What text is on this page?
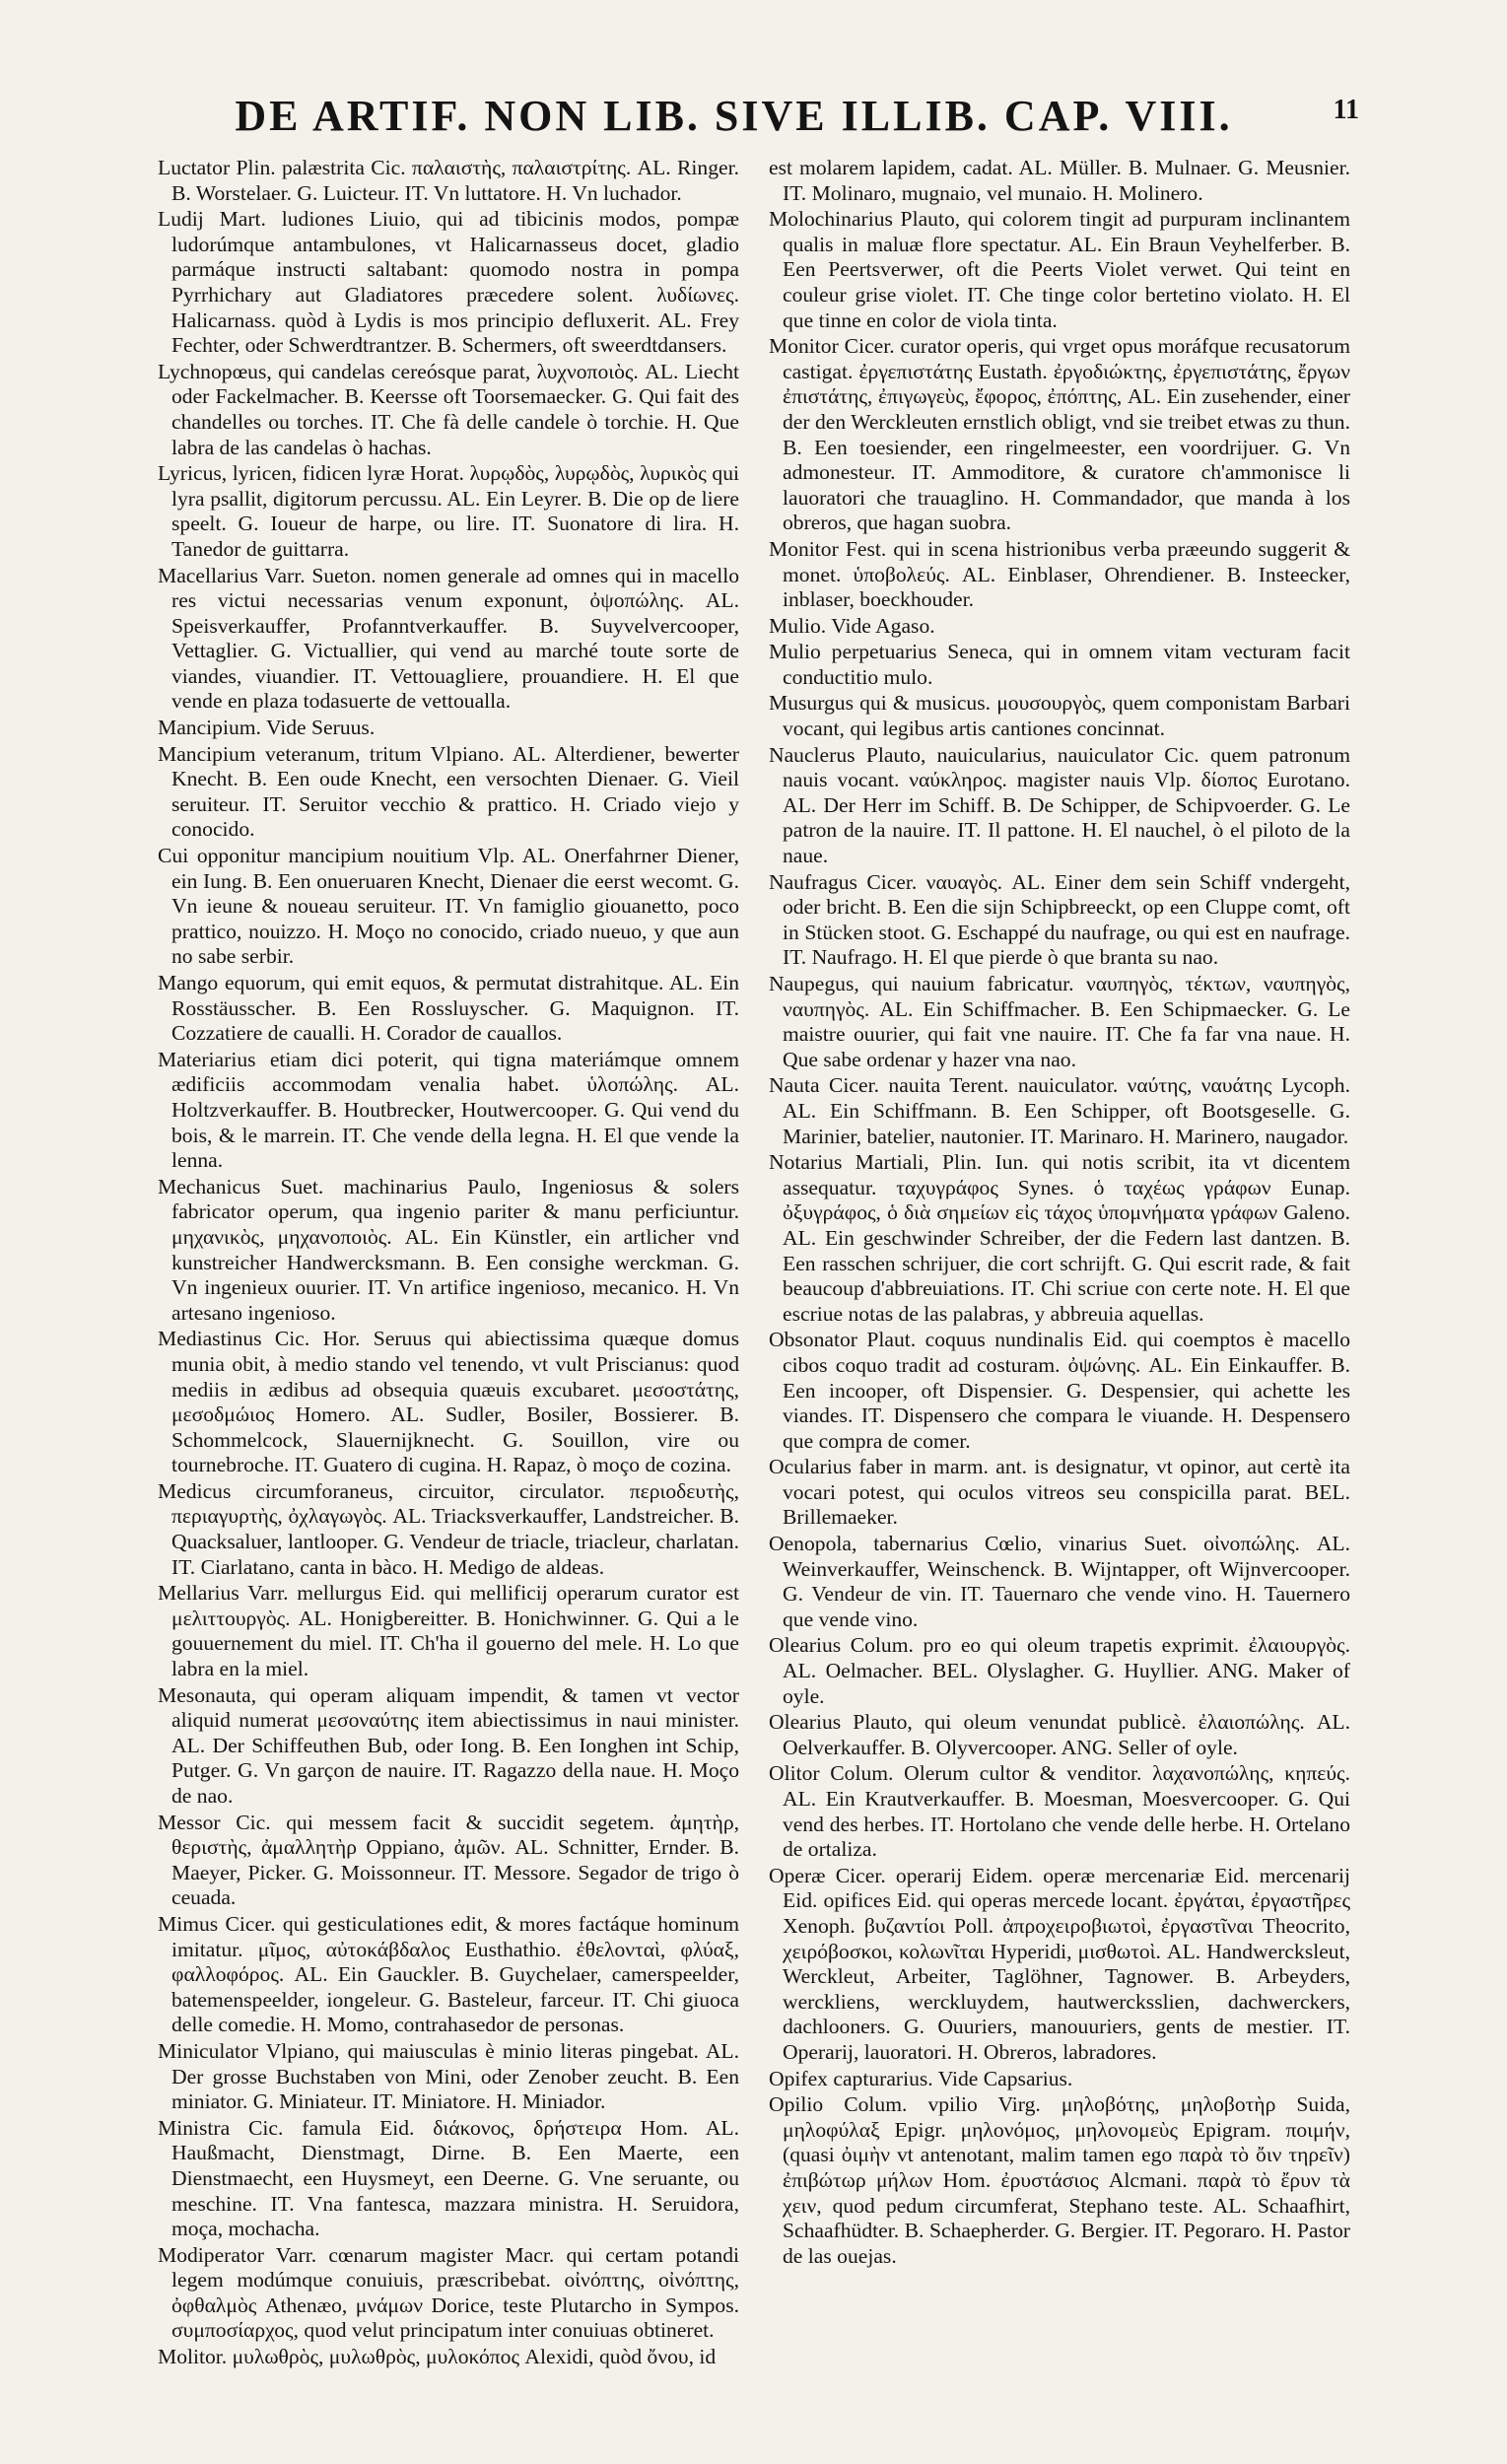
DE ARTIF. NON LIB. SIVE ILLIB. CAP. VIII.	11

Luctator Plin. palæstrita Cic. παλαιστὴς, παλαιστρίτης. AL. Ringer. B. Worstelaer. G. Luicteur. IT. Vn luttatore. H. Vn luchador.

Ludij Mart. ludiones Liuio, qui ad tibicinis modos, pompæ ludorúmque antambulones, vt Halicarnasseus docet, gladio parmáque instructi saltabant: quomodo nostra in pompa Pyrrhichary aut Gladiatores præcedere solent. λυδίωνες. Halicarnass. quòd à Lydis is mos principio defluxerit. AL. Frey Fechter, oder Schwerdtrantzer. B. Schermers, oft sweerdtdansers.

Lychnopœus, qui candelas cereósque parat, λυχνοποιὸς. AL. Liecht oder Fackelmacher. B. Keersse oft Toorsemaecker. G. Qui fait des chandelles ou torches. IT. Che fà delle candele ò torchie. H. Que labra de las candelas ò hachas.

Lyricus, lyricen, fidicen lyræ Horat. λυρῳδὸς, λυρῳδὸς, λυρικὸς qui lyra psallit, digitorum percussu. AL. Ein Leyrer. B. Die op de liere speelt. G. Ioueur de harpe, ou lire. IT. Suonatore di lira. H. Tanedor de guittarra.

Macellarius Varr. Sueton. nomen generale ad omnes qui in macello res victui necessarias venum exponunt, ὀψοπώλης. AL. Speisverkauffer, Profanntverkauffer. B. Suyvelvercooper, Vettaglier. G. Victuallier, qui vend au marché toute sorte de viandes, viuandier. IT. Vettouagliere, prouandiere. H. El que vende en plaza todasuerte de vettoualla.

Mancipium. Vide Seruus.

Mancipium veteranum, tritum Vlpiano. AL. Alterdiener, bewerter Knecht. B. Een oude Knecht, een versochten Dienaer. G. Vieil seruiteur. IT. Seruitor vecchio & prattico. H. Criado viejo y conocido.

Cui opponitur mancipium nouitium Vlp. AL. Onerfahrner Diener, ein Iung. B. Een onueruaren Knecht, Dienaer die eerst wecomt. G. Vn ieune & noueau seruiteur. IT. Vn famiglio giouanetto, poco prattico, nouizzo. H. Moço no conocido, criado nueuo, y que aun no sabe serbir.

Mango equorum, qui emit equos, & permutat distrahitque. AL. Ein Rosstäusscher. B. Een Rossluyscher. G. Maquignon. IT. Cozzatiere de caualli. H. Corador de cauallos.

Materiarius etiam dici poterit, qui tigna materiámque omnem ædificiis accommodam venalia habet. ὑλοπώλης. AL. Holtzverkauffer. B. Houtbrecker, Houtwercooper. G. Qui vend du bois, & le marrein. IT. Che vende della legna. H. El que vende la lenna.

Mechanicus Suet. machinarius Paulo, Ingeniosus & solers fabricator operum, qua ingenio pariter & manu perficiuntur. μηχανικὸς, μηχανοποιὸς. AL. Ein Künstler, ein artlicher vnd kunstreicher Handwercksmann. B. Een consighe werckman. G. Vn ingenieux ouurier. IT. Vn artifice ingenioso, mecanico. H. Vn artesano ingenioso.

Mediastinus Cic. Hor. Seruus qui abiectissima quæque domus munia obit, à medio stando vel tenendo, vt vult Priscianus: quod mediis in ædibus ad obsequia quæuis excubaret. μεσοστάτης, μεσοδμώιος Homero. AL. Sudler, Bosiler, Bossierer. B. Schommelcock, Slauernijknecht. G. Souillon, vire ou tournebroche. IT. Guatero di cugina. H. Rapaz, ò moço de cozina.

Medicus circumforaneus, circuitor, circulator. περιοδευτὴς, περιαγυρτὴς, ὀχλαγωγὸς. AL. Triacksverkauffer, Landstreicher. B. Quacksaluer, lantlooper. G. Vendeur de triacle, triacleur, charlatan. IT. Ciarlatano, canta in bàco. H. Medigo de aldeas.

Mellarius Varr. mellurgus Eid. qui mellificij operarum curator est μελιττουργὸς. AL. Honigbereitter. B. Honichwinner. G. Qui a le gouuernement du miel. IT. Ch'ha il gouerno del mele. H. Lo que labra en la miel.

Mesonauta, qui operam aliquam impendit, & tamen vt vector aliquid numerat μεσοναύτης item abiectissimus in naui minister. AL. Der Schiffeuthen Bub, oder Iong. B. Een Ionghen int Schip, Putger. G. Vn garçon de nauire. IT. Ragazzo della naue. H. Moço de nao.

Messor Cic. qui messem facit & succidit segetem. ἀμητὴρ, θεριστὴς, ἀμαλλητὴρ Oppiano, ἀμῶν. AL. Schnitter, Ernder. B. Maeyer, Picker. G. Moissonneur. IT. Messore. Segador de trigo ò ceuada.

Mimus Cicer. qui gesticulationes edit, & mores factáque hominum imitatur. μῖμος, αὐτοκάβδαλος Eusthathio. ἐθελονταὶ, φλύαξ, φαλλοφόρος. AL. Ein Gauckler. B. Guychelaer, camerspeelder, batemenspeelder, iongeleur. G. Basteleur, farceur. IT. Chi giuoca delle comedie. H. Momo, contrahasedor de personas.

Miniculator Vlpiano, qui maiusculas è minio literas pingebat. AL. Der grosse Buchstaben von Mini, oder Zenober zeucht. B. Een miniator. G. Miniateur. IT. Miniatore. H. Miniador.

Ministra Cic. famula Eid. διάκονος, δρήστειρα Hom. AL. Haußmacht, Dienstmagt, Dirne. B. Een Maerte, een Dienstmaecht, een Huysmeyt, een Deerne. G. Vne seruante, ou meschine. IT. Vna fantesca, mazzara ministra. H. Seruidora, moça, mochacha.

Modiperator Varr. cœnarum magister Macr. qui certam potandi legem modúmque conuiuis, præscribebat. οἰνόπτης, οἰνόπτης, ὀφθαλμὸς Athenæo, μνάμων Dorice, teste Plutarcho in Sympos. συμποσίαρχος, quod velut principatum inter conuiuas obtineret.

Molitor. μυλωθρὸς, μυλωθρὸς, μυλοκόπος Alexidi, quòd ὄνου, id

est molarem lapidem, cadat. AL. Müller. B. Mulnaer. G. Meusnier. IT. Molinaro, mugnaio, vel munaio. H. Molinero.

Molochinarius Plauto, qui colorem tingit ad purpuram inclinantem qualis in maluæ flore spectatur. AL. Ein Braun Veyhelferber. B. Een Peertsverwer, oft die Peerts Violet verwet. Qui teint en couleur grise violet. IT. Che tinge color bertetino violato. H. El que tinne en color de viola tinta.

Monitor Cicer. curator operis, qui vrget opus moráfque recusatorum castigat. ἐργεπιστάτης Eustath. ἐργοδιώκτης, ἐργεπιστάτης, ἔργων ἐπιστάτης, ἐπιγωγεὺς, ἔφορος, ἐπόπτης, AL. Ein zusehender, einer der den Werckleuten ernstlich obligt, vnd sie treibet etwas zu thun. B. Een toesiender, een ringelmeester, een voordrijuer. G. Vn admonesteur. IT. Ammoditore, & curatore ch'ammonisce li lauoratori che trauaglino. H. Commandador, que manda à los obreros, que hagan suobra.

Monitor Fest. qui in scena histrionibus verba præeundo suggerit & monet. ὑποβολεύς. AL. Einblaser, Ohrendiener. B. Insteecker, inblaser, boeckhouder.

Mulio. Vide Agaso.

Mulio perpetuarius Seneca, qui in omnem vitam vecturam facit conductitio mulo.

Musurgus qui & musicus. μουσουργὸς, quem componistam Barbari vocant, qui legibus artis cantiones concinnat.

Nauclerus Plauto, nauicularius, nauiculator Cic. quem patronum nauis vocant. ναύκληρος. magister nauis Vlp. δίοπος Eurotano. AL. Der Herr im Schiff. B. De Schipper, de Schipvoerder. G. Le patron de la nauire. IT. Il pattone. H. El nauchel, ò el piloto de la naue.

Naufragus Cicer. ναυαγὸς. AL. Einer dem sein Schiff vndergeht, oder bricht. B. Een die sijn Schipbreeckt, op een Cluppe comt, oft in Stücken stoot. G. Eschappé du naufrage, ou qui est en naufrage. IT. Naufrago. H. El que pierde ò que branta su nao.

Naupegus, qui nauium fabricatur. ναυπηγὸς, τέκτων, ναυπηγὸς, ναυπηγὸς. AL. Ein Schiffmacher. B. Een Schipmaecker. G. Le maistre ouurier, qui fait vne nauire. IT. Che fa far vna naue. H. Que sabe ordenar y hazer vna nao.

Nauta Cicer. nauita Terent. nauiculator. ναύτης, ναυάτης Lycoph. AL. Ein Schiffmann. B. Een Schipper, oft Bootsgeselle. G. Marinier, batelier, nautonier. IT. Marinaro. H. Marinero, naugador.

Notarius Martiali, Plin. Iun. qui notis scribit, ita vt dicentem assequatur. ταχυγράφος Synes. ὁ ταχέως γράφων Eunap. ὀξυγράφος, ὁ διὰ σημείων εἰς τάχος ὑπομνήματα γράφων Galeno. AL. Ein geschwinder Schreiber, der die Federn last dantzen. B. Een rasschen schrijuer, die cort schrijft. G. Qui escrit rade, & fait beaucoup d'abbreuiations. IT. Chi scriue con certe note. H. El que escriue notas de las palabras, y abbreuia aquellas.

Obsonator Plaut. coquus nundinalis Eid. qui coemptos è macello cibos coquo tradit ad costuram. ὀψώνης. AL. Ein Einkauffer. B. Een incooper, oft Dispensier. G. Despensier, qui achette les viandes. IT. Dispensero che compara le viuande. H. Despensero que compra de comer.

Ocularius faber in marm. ant. is designatur, vt opinor, aut certè ita vocari potest, qui oculos vitreos seu conspicilla parat. BEL. Brillemaeker.

Oenopola, tabernarius Cœlio, vinarius Suet. οἰνοπώλης. AL. Weinverkauffer, Weinschenck. B. Wijntapper, oft Wijnvercooper. G. Vendeur de vin. IT. Tauernaro che vende vino. H. Tauernero que vende vino.

Olearius Colum. pro eo qui oleum trapetis exprimit. ἐλαιουργὸς. AL. Oelmacher. BEL. Olyslagher. G. Huyllier. ANG. Maker of oyle.

Olearius Plauto, qui oleum venundat publicè. ἐλαιοπώλης. AL. Oelverkauffer. B. Olyvercooper. ANG. Seller of oyle.

Olitor Colum. Olerum cultor & venditor. λαχανοπώλης, κηπεύς. AL. Ein Krautverkauffer. B. Moesman, Moesvercooper. G. Qui vend des herbes. IT. Hortolano che vende delle herbe. H. Ortelano de ortaliza.

Operæ Cicer. operarij Eidem. operæ mercenariæ Eid. mercenarij Eid. opifices Eid. qui operas mercede locant. ἐργάται, ἐργαστῆρες Xenoph. βυζαντίοι Poll. ἀπροχειροβιωτοὶ, ἐργαστῖναι Theocrito, χειρόβοσκοι, κολωνῖται Hyperidi, μισθωτοὶ. AL. Handwercksleut, Werckleut, Arbeiter, Taglöhner, Tagnower. B. Arbeyders, werckliens, werckluydem, hautwercksslien, dachwerckers, dachlooners. G. Ouuriers, manouuriers, gents de mestier. IT. Operarij, lauoratori. H. Obreros, labradores.

Opifex capturarius. Vide Capsarius.

Opilio Colum. vpilio Virg. μηλοβότης, μηλοβοτὴρ Suida, μηλοφύλαξ Epigr. μηλονόμος, μηλονομεὺς Epigram. ποιμήν, (quasi ὀιμὴν vt antenotant, malim tamen ego παρὰ τὸ ὄιν τηρεῖν) ἐπιβώτωρ μήλων Hom. ἐρυστάσιος Alcmani. παρὰ τὸ ἔρυν τὰ χειν, quod pedum circumferat, Stephano teste. AL. Schaafhirt, Schaafhüdter. B. Schaepherder. G. Bergier. IT. Pegoraro. H. Pastor de las ouejas.
